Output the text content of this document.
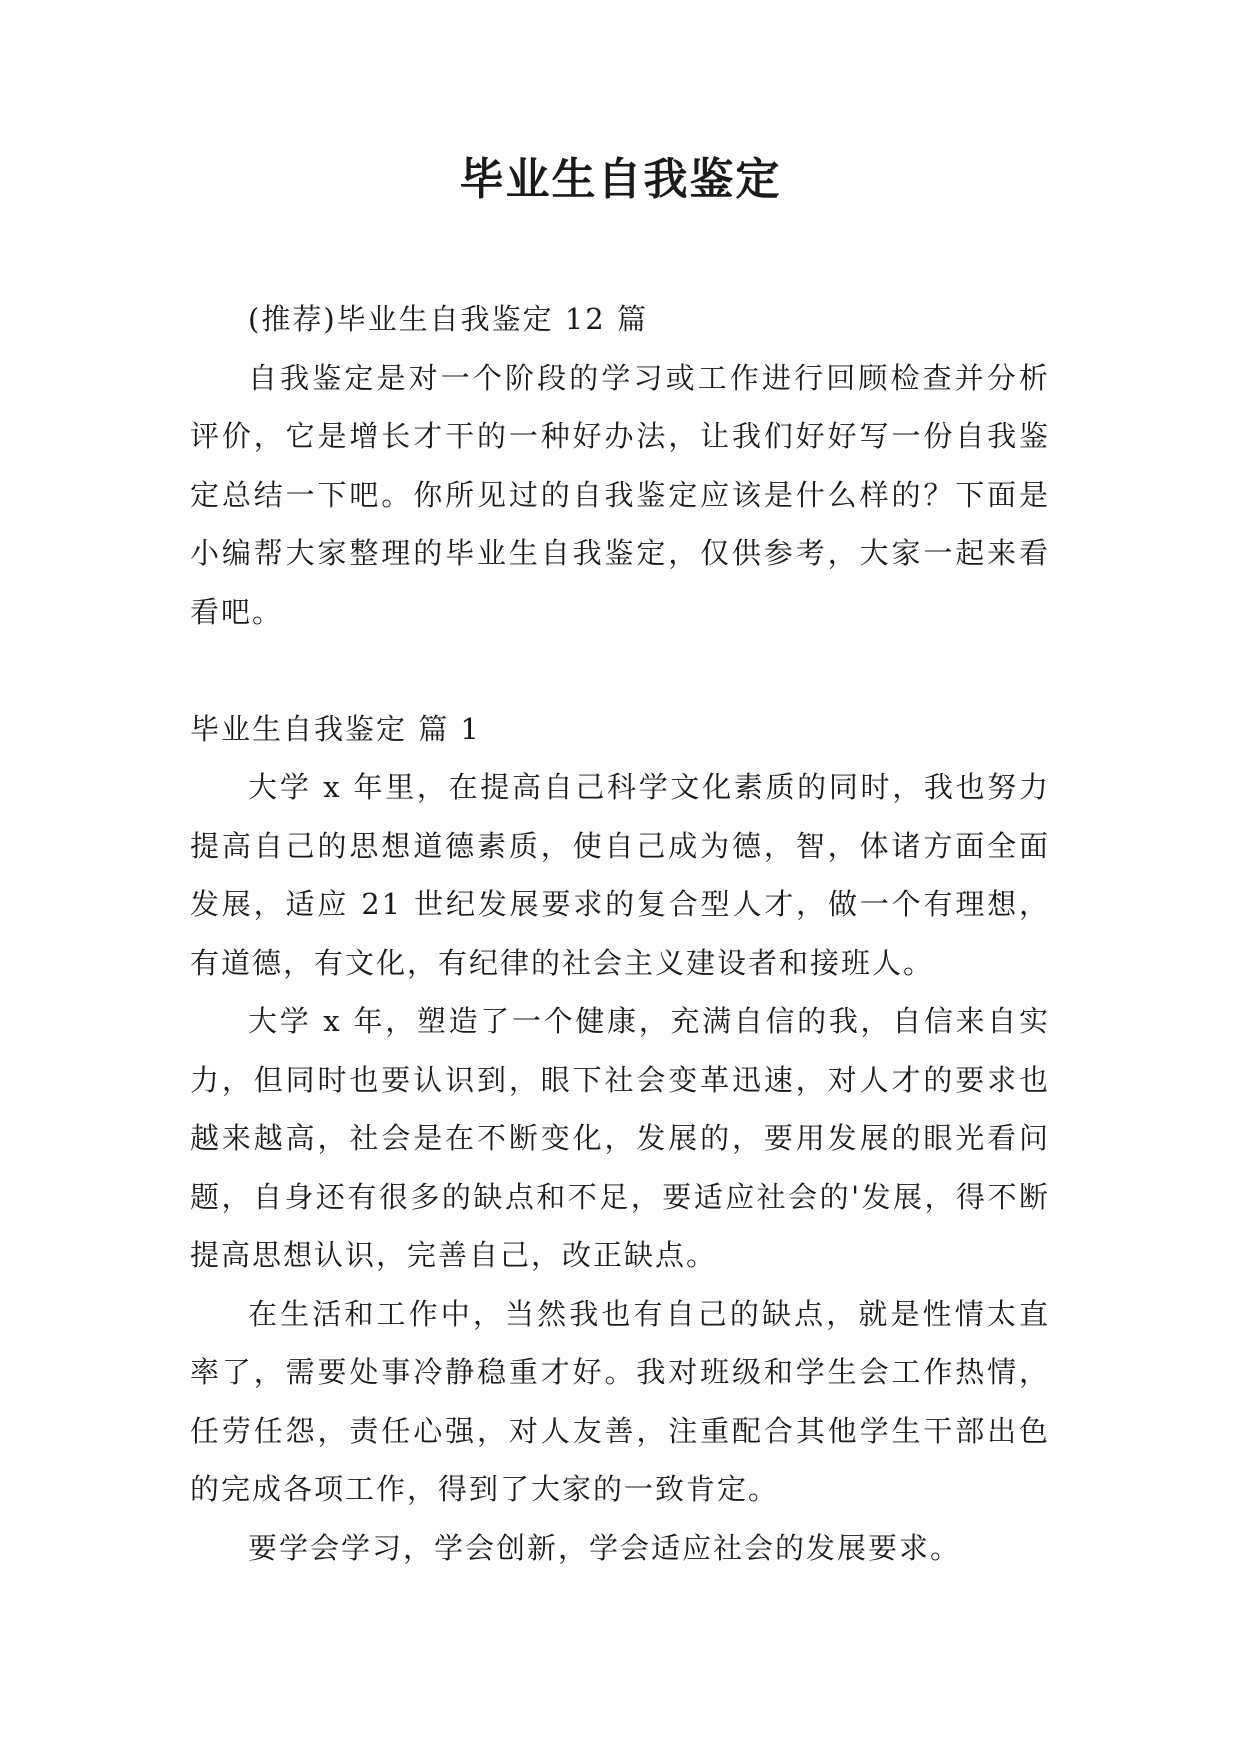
毕业生自我鉴定

(推荐)毕业生自我鉴定 12 篇

自我鉴定是对一个阶段的学习或工作进行回顾检查并分析评价，它是增长才干的一种好办法，让我们好好写一份自我鉴定总结一下吧。你所见过的自我鉴定应该是什么样的？下面是小编帮大家整理的毕业生自我鉴定，仅供参考，大家一起来看看吧。

毕业生自我鉴定 篇 1

大学 x 年里，在提高自己科学文化素质的同时，我也努力提高自己的思想道德素质，使自己成为德，智，体诸方面全面发展，适应 21 世纪发展要求的复合型人才，做一个有理想，有道德，有文化，有纪律的社会主义建设者和接班人。

大学 x 年，塑造了一个健康，充满自信的我，自信来自实力，但同时也要认识到，眼下社会变革迅速，对人才的要求也越来越高，社会是在不断变化，发展的，要用发展的眼光看问题，自身还有很多的缺点和不足，要适应社会的'发展，得不断提高思想认识，完善自己，改正缺点。

在生活和工作中，当然我也有自己的缺点，就是性情太直率了，需要处事冷静稳重才好。我对班级和学生会工作热情，任劳任怨，责任心强，对人友善，注重配合其他学生干部出色的完成各项工作，得到了大家的一致肯定。

要学会学习，学会创新，学会适应社会的发展要求。
